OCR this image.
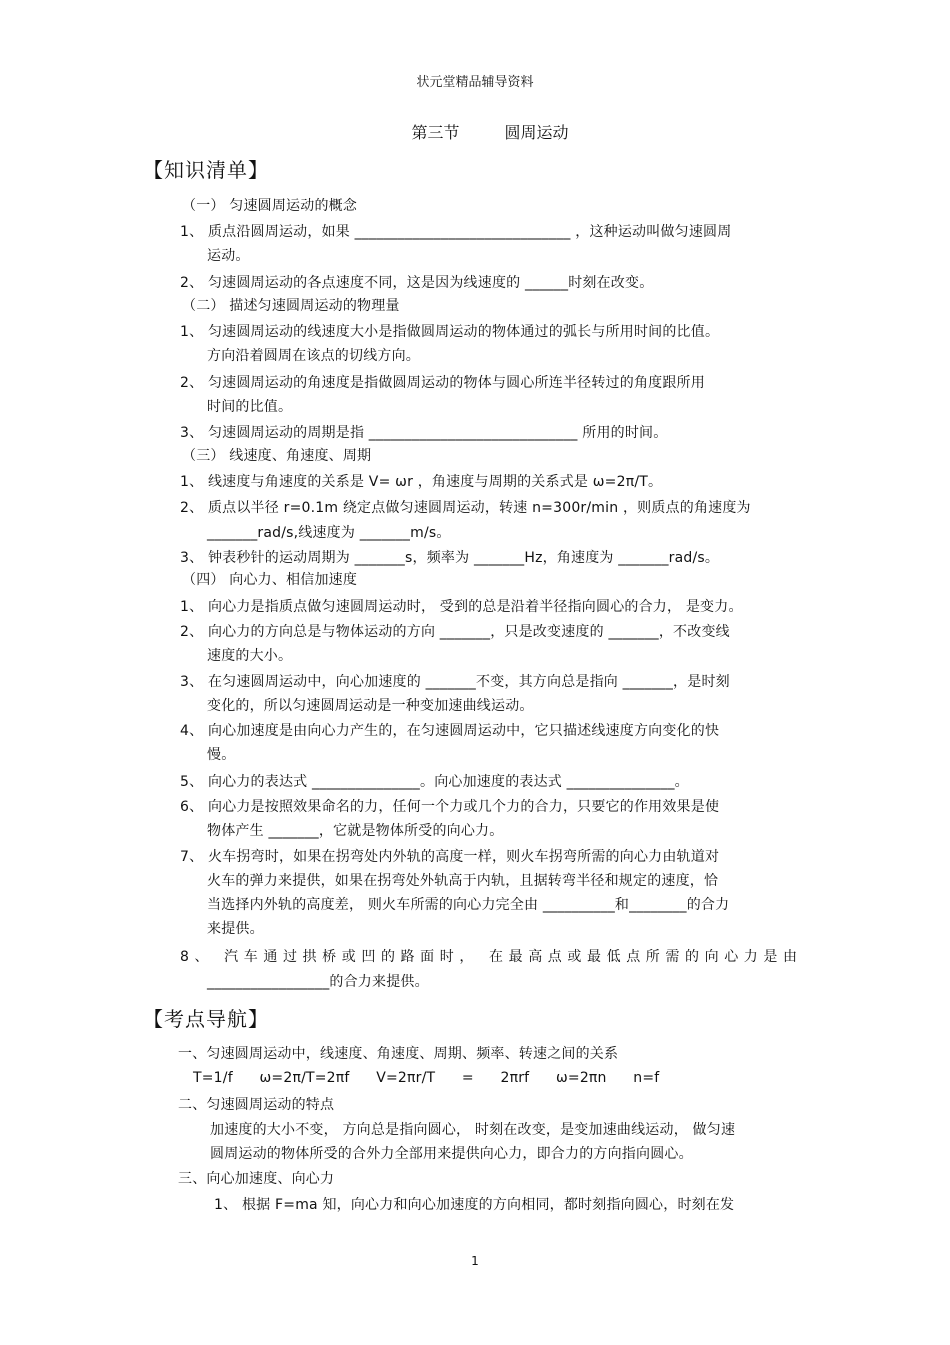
状元堂精品辅导资料
第三节 圆周运动
【知识清单】
（一） 匀速圆周运动的概念
1、 质点沿圆周运动，如果 ______________________________ ，这种运动叫做匀速圆周
运动。
2、 匀速圆周运动的各点速度不同，这是因为线速度的 ______时刻在改变。
（二） 描述匀速圆周运动的物理量
1、 匀速圆周运动的线速度大小是指做圆周运动的物体通过的弧长与所用时间的比值。
方向沿着圆周在该点的切线方向。
2、 匀速圆周运动的角速度是指做圆周运动的物体与圆心所连半径转过的角度跟所用
时间的比值。
3、 匀速圆周运动的周期是指 _____________________________ 所用的时间。
（三） 线速度、角速度、周期
1、 线速度与角速度的关系是 V= ωr ，角速度与周期的关系式是 ω=2π/T。
2、 质点以半径 r=0.1m 绕定点做匀速圆周运动，转速 n=300r/min ，则质点的角速度为
_______rad/s,线速度为 _______m/s。
3、 钟表秒针的运动周期为 _______s，频率为 _______Hz，角速度为 _______rad/s。
（四） 向心力、相信加速度
1、 向心力是指质点做匀速圆周运动时， 受到的总是沿着半径指向圆心的合力， 是变力。
2、 向心力的方向总是与物体运动的方向 _______，只是改变速度的 _______，不改变线
速度的大小。
3、 在匀速圆周运动中，向心加速度的 _______不变，其方向总是指向 _______，是时刻
变化的，所以匀速圆周运动是一种变加速曲线运动。
4、 向心加速度是由向心力产生的，在匀速圆周运动中，它只描述线速度方向变化的快
慢。
5、 向心力的表达式 _______________。向心加速度的表达式 _______________。
6、 向心力是按照效果命名的力，任何一个力或几个力的合力，只要它的作用效果是使
物体产生 _______，它就是物体所受的向心力。
7、 火车拐弯时，如果在拐弯处内外轨的高度一样，则火车拐弯所需的向心力由轨道对
火车的弹力来提供，如果在拐弯处外轨高于内轨，且据转弯半径和规定的速度，恰
当选择内外轨的高度差， 则火车所需的向心力完全由 __________和________的合力
来提供。
8、 汽车通过拱桥或凹的路面时， 在最高点或最低点所需的向心力是由
_________________的合力来提供。
【考点导航】
一、匀速圆周运动中，线速度、角速度、周期、频率、转速之间的关系
T=1/f ω=2π/T=2πf V=2πr/T = 2πrf ω=2πn n=f
二、匀速圆周运动的特点
加速度的大小不变， 方向总是指向圆心， 时刻在改变，是变加速曲线运动， 做匀速
圆周运动的物体所受的合外力全部用来提供向心力，即合力的方向指向圆心。
三、向心加速度、向心力
1、 根据 F=ma 知，向心力和向心加速度的方向相同，都时刻指向圆心，时刻在发
1
